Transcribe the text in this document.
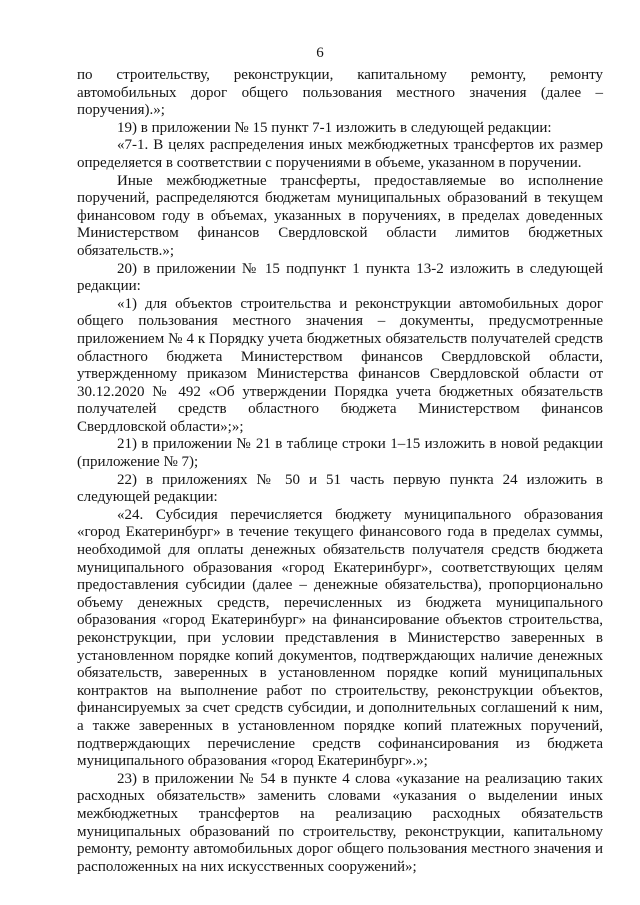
6

по строительству, реконструкции, капитальному ремонту, ремонту автомобильных дорог общего пользования местного значения (далее – поручения).»;

19) в приложении № 15 пункт 7-1 изложить в следующей редакции:

«7-1. В целях распределения иных межбюджетных трансфертов их размер определяется в соответствии с поручениями в объеме, указанном в поручении.

Иные межбюджетные трансферты, предоставляемые во исполнение поручений, распределяются бюджетам муниципальных образований в текущем финансовом году в объемах, указанных в поручениях, в пределах доведенных Министерством финансов Свердловской области лимитов бюджетных обязательств.»;

20) в приложении № 15 подпункт 1 пункта 13-2 изложить в следующей редакции:

«1) для объектов строительства и реконструкции автомобильных дорог общего пользования местного значения – документы, предусмотренные приложением № 4 к Порядку учета бюджетных обязательств получателей средств областного бюджета Министерством финансов Свердловской области, утвержденному приказом Министерства финансов Свердловской области от 30.12.2020 № 492 «Об утверждении Порядка учета бюджетных обязательств получателей средств областного бюджета Министерством финансов Свердловской области»;»;

21) в приложении № 21 в таблице строки 1–15 изложить в новой редакции (приложение № 7);

22) в приложениях № 50 и 51 часть первую пункта 24 изложить в следующей редакции:

«24. Субсидия перечисляется бюджету муниципального образования «город Екатеринбург» в течение текущего финансового года в пределах суммы, необходимой для оплаты денежных обязательств получателя средств бюджета муниципального образования «город Екатеринбург», соответствующих целям предоставления субсидии (далее – денежные обязательства), пропорционально объему денежных средств, перечисленных из бюджета муниципального образования «город Екатеринбург» на финансирование объектов строительства, реконструкции, при условии представления в Министерство заверенных в установленном порядке копий документов, подтверждающих наличие денежных обязательств, заверенных в установленном порядке копий муниципальных контрактов на выполнение работ по строительству, реконструкции объектов, финансируемых за счет средств субсидии, и дополнительных соглашений к ним, а также заверенных в установленном порядке копий платежных поручений, подтверждающих перечисление средств софинансирования из бюджета муниципального образования «город Екатеринбург».»;

23) в приложении № 54 в пункте 4 слова «указание на реализацию таких расходных обязательств» заменить словами «указания о выделении иных межбюджетных трансфертов на реализацию расходных обязательств муниципальных образований по строительству, реконструкции, капитальному ремонту, ремонту автомобильных дорог общего пользования местного значения и расположенных на них искусственных сооружений»;
